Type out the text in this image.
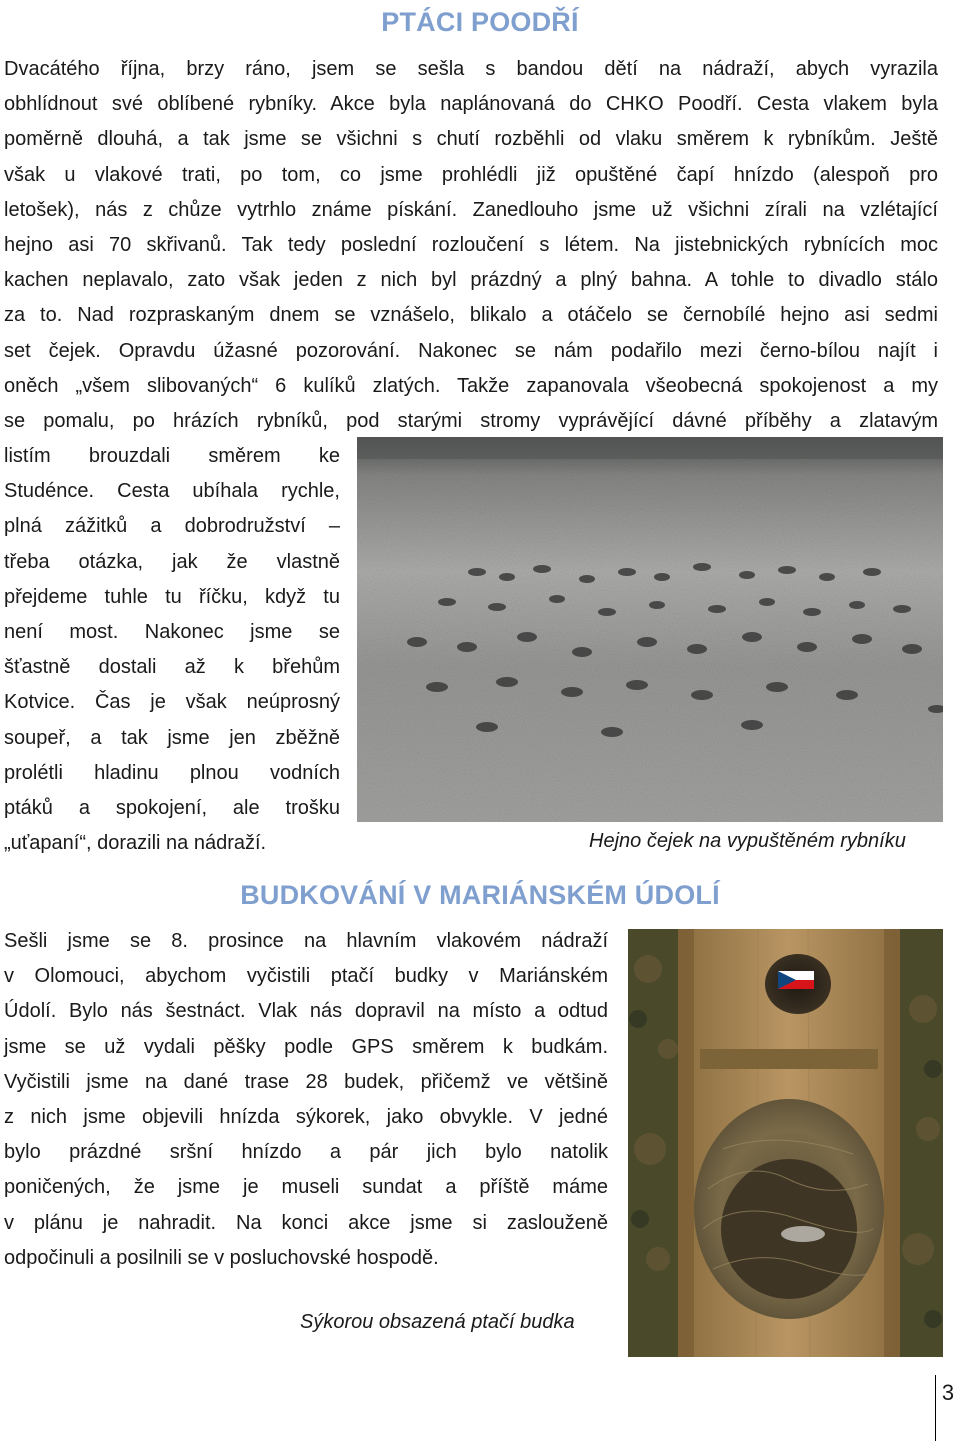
PTÁCI POODŘÍ

Dvacátého října, brzy ráno, jsem se sešla s bandou dětí na nádraží, abych vyrazila
obhlídnout své oblíbené rybníky. Akce byla naplánovaná do CHKO Poodří. Cesta vlakem byla
poměrně dlouhá, a tak jsme se všichni s chutí rozběhli od vlaku směrem k rybníkům. Ještě
však u vlakové trati, po tom, co jsme prohlédli již opuštěné čapí hnízdo (alespoň pro
letošek), nás z chůze vytrhlo známe pískání. Zanedlouho jsme už všichni zírali na vzlétající
hejno asi 70 skřivanů. Tak tedy poslední rozloučení s létem. Na jistebnických rybnících moc
kachen neplavalo, zato však jeden z nich byl prázdný a plný bahna. A tohle to divadlo stálo
za to. Nad rozpraskaným dnem se vznášelo, blikalo a otáčelo se černobílé hejno asi sedmi
set čejek. Opravdu úžasné pozorování. Nakonec se nám podařilo mezi černo-bílou najít i
oněch „všem slibovaných“ 6 kulíků zlatých. Takže zapanovala všeobecná spokojenost a my
se pomalu, po hrázích rybníků, pod starými stromy vyprávějící dávné příběhy a zlatavým

listím brouzdali směrem ke
Studénce. Cesta ubíhala rychle,
plná zážitků a dobrodružství –
třeba otázka, jak že vlastně
přejdeme tuhle tu říčku, když tu
není most. Nakonec jsme se
šťastně dostali až k břehům
Kotvice. Čas je však neúprosný
soupeř, a tak jsme jen zběžně
prolétli hladinu plnou vodních
ptáků a spokojení, ale trošku
„uťapaní“, dorazili na nádraží.	Hejno čejek na vypuštěném rybníku
BUDKOVÁNÍ V MARIÁNSKÉM ÚDOLÍ

Sešli jsme se 8. prosince na hlavním vlakovém nádraží
v Olomouci, abychom vyčistili ptačí budky v Mariánském
Údolí. Bylo nás šestnáct. Vlak nás dopravil na místo a odtud
jsme se už vydali pěšky podle GPS směrem k budkám.
Vyčistili jsme na dané trase 28 budek, přičemž ve většině
z nich jsme objevili hnízda sýkorek, jako obvykle. V jedné
bylo prázdné sršní hnízdo a pár jich bylo natolik
poničených, že jsme je museli sundat a příště máme
v plánu je nahradit. Na konci akce jsme si zaslouženě
odpočinuli a posilnili se v posluchovské hospodě.

Sýkorou obsazená ptačí budka
3
